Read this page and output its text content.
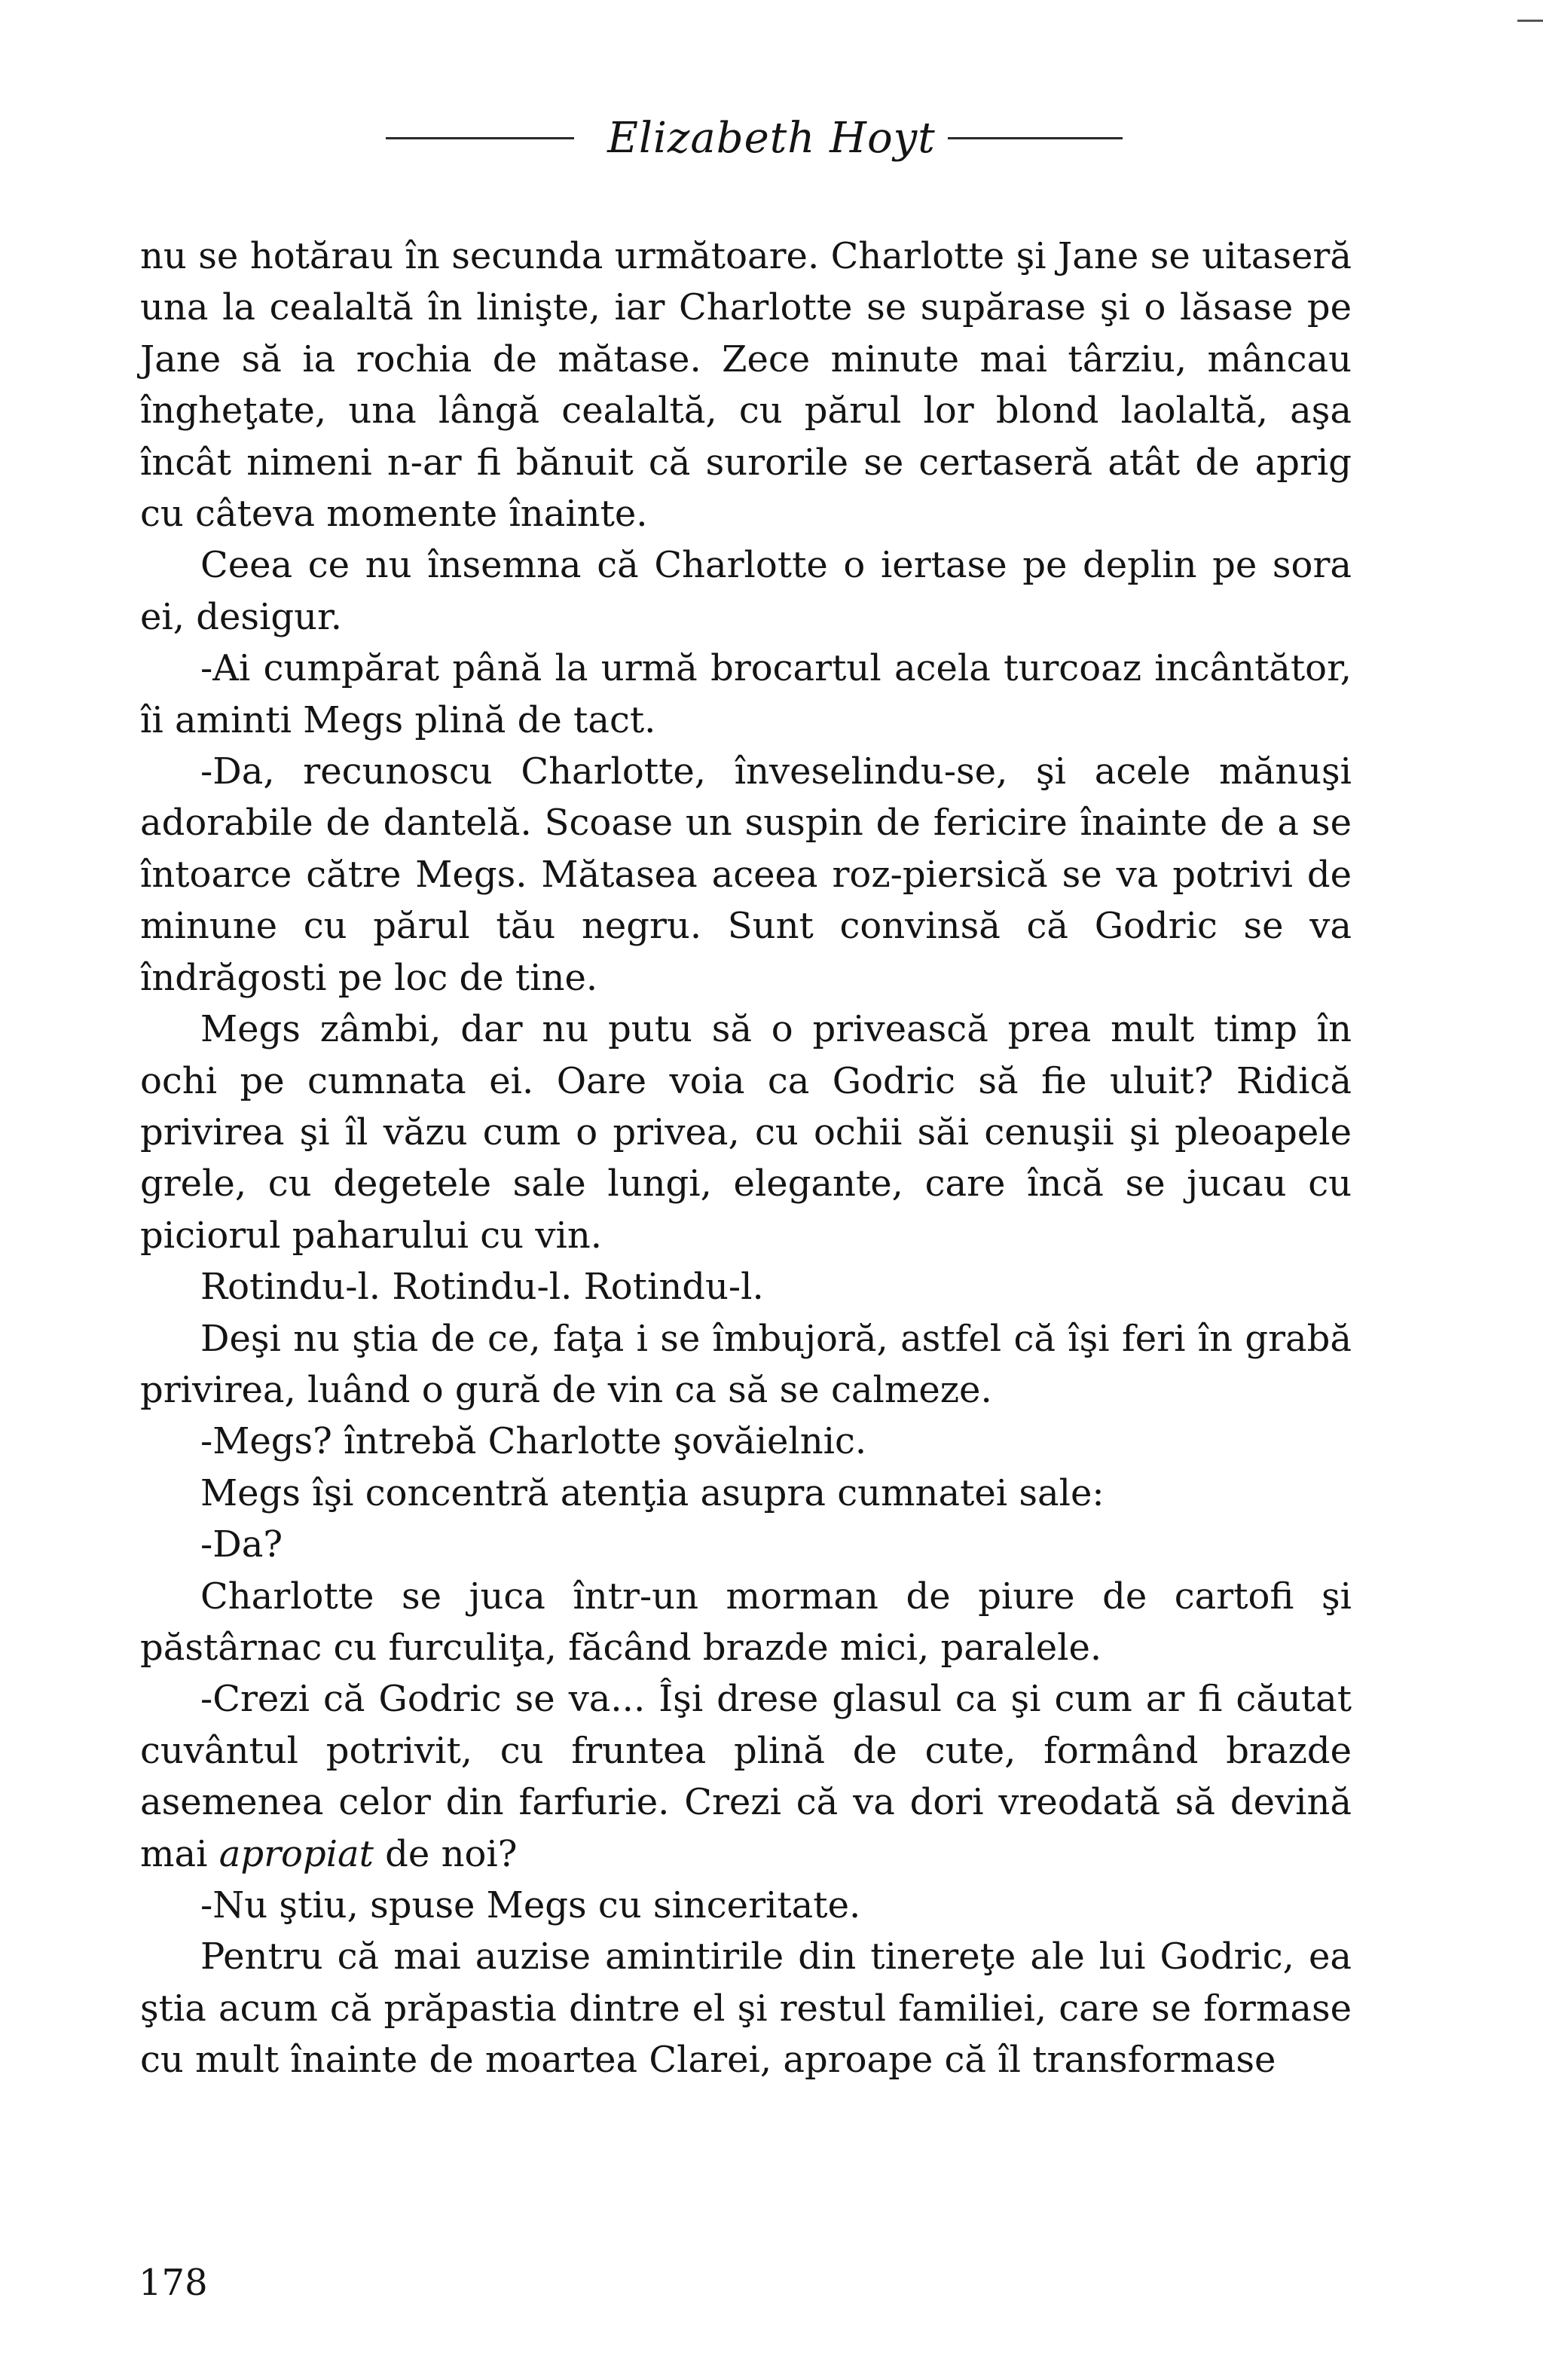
Elizabeth Hoyt

nu se hotărau în secunda următoare. Charlotte şi Jane se uitaseră una la cealaltă în linişte, iar Charlotte se supărase şi o lăsase pe Jane să ia rochia de mătase. Zece minute mai târziu, mâncau îngheţate, una lângă cealaltă, cu părul lor blond laolaltă, aşa încât nimeni n-ar fi bănuit că surorile se certaseră atât de aprig cu câteva momente înainte.

Ceea ce nu însemna că Charlotte o iertase pe deplin pe sora ei, desigur.

-Ai cumpărat până la urmă brocartul acela turcoaz incântător, îi aminti Megs plină de tact.

-Da, recunoscu Charlotte, înveselindu-se, şi acele mănuşi adorabile de dantelă. Scoase un suspin de fericire înainte de a se întoarce către Megs. Mătasea aceea roz-piersică se va potrivi de minune cu părul tău negru. Sunt convinsă că Godric se va îndrăgosti pe loc de tine.

Megs zâmbi, dar nu putu să o privească prea mult timp în ochi pe cumnata ei. Oare voia ca Godric să fie uluit? Ridică privirea şi îl văzu cum o privea, cu ochii săi cenuşii şi pleoapele grele, cu degetele sale lungi, elegante, care încă se jucau cu piciorul paharului cu vin.

Rotindu-l. Rotindu-l. Rotindu-l.

Deşi nu ştia de ce, faţa i se îmbujoră, astfel că îşi feri în grabă privirea, luând o gură de vin ca să se calmeze.

-Megs? întrebă Charlotte şovăielnic.

Megs îşi concentră atenţia asupra cumnatei sale:

-Da?

Charlotte se juca într-un morman de piure de cartofi şi păstârnac cu furculiţa, făcând brazde mici, paralele.

-Crezi că Godric se va... Îşi drese glasul ca şi cum ar fi căutat cuvântul potrivit, cu fruntea plină de cute, formând brazde asemenea celor din farfurie. Crezi că va dori vreodată să devină mai apropiat de noi?

-Nu ştiu, spuse Megs cu sinceritate.

Pentru că mai auzise amintirile din tinereţe ale lui Godric, ea ştia acum că prăpastia dintre el şi restul familiei, care se formase cu mult înainte de moartea Clarei, aproape că îl transformase

178
